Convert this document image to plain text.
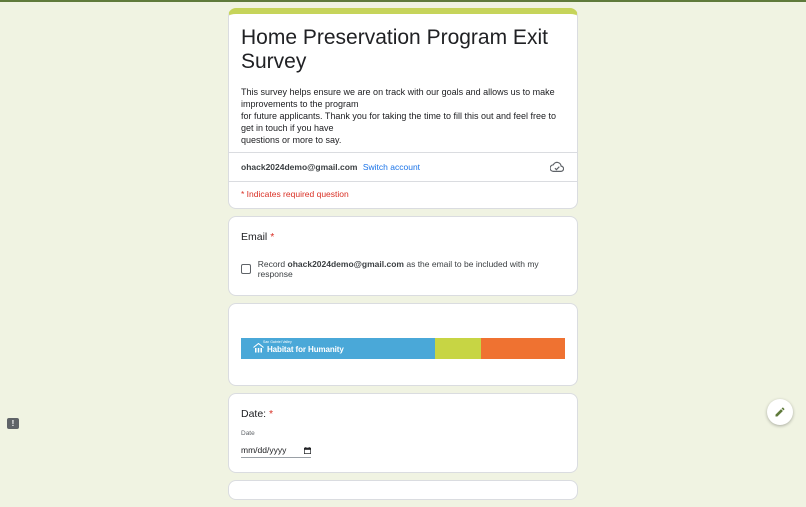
Home Preservation Program Exit Survey

This survey helps ensure we are on track with our goals and allows us to make improvements to the program

for future applicants. Thank you for taking the time to fill this out and feel free to get in touch if you have

questions or more to say.

ohack2024demo@gmail.com Switch account
* Indicates required question
Email *
Record ohack2024demo@gmail.com as the email to be included with my response
San Gabriel Valley
Habitat for Humanity
Date: *
Date
mm/dd/yyyy
!
